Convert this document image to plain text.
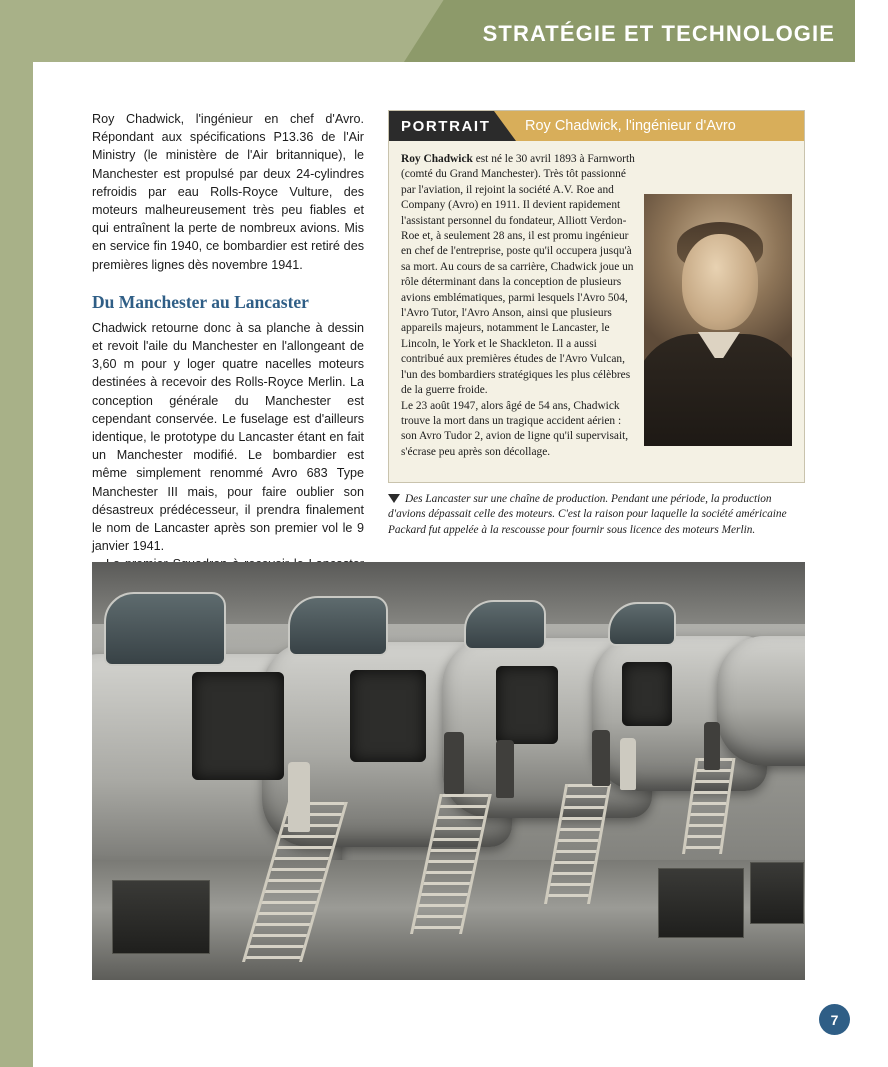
STRATÉGIE ET TECHNOLOGIE

Roy Chadwick, l'ingénieur en chef d'Avro. Répondant aux spécifications P13.36 de l'Air Ministry (le ministère de l'Air britannique), le Manchester est propulsé par deux 24-cylindres refroidis par eau Rolls-Royce Vulture, des moteurs malheureusement très peu fiables et qui entraînent la perte de nombreux avions. Mis en service fin 1940, ce bombardier est retiré des premières lignes dès novembre 1941.

Du Manchester au Lancaster

Chadwick retourne donc à sa planche à dessin et revoit l'aile du Manchester en l'allongeant de 3,60 m pour y loger quatre nacelles moteurs destinées à recevoir des Rolls-Royce Merlin. La conception générale du Manchester est cependant conservée. Le fuselage est d'ailleurs identique, le prototype du Lancaster étant en fait un Manchester modifié. Le bombardier est même simplement renommé Avro 683 Type Manchester III mais, pour faire oublier son désastreux prédécesseur, il prendra finalement le nom de Lancaster après son premier vol le 9 janvier 1941.

PORTRAIT Roy Chadwick, l'ingénieur d'Avro

Roy Chadwick est né le 30 avril 1893 à Farnworth (comté du Grand Manchester). Très tôt passionné par l'aviation, il rejoint la société A.V. Roe and Company (Avro) en 1911. Il devient rapidement l'assistant personnel du fondateur, Alliott Verdon-Roe et, à seulement 28 ans, il est promu ingénieur en chef de l'entreprise, poste qu'il occupera jusqu'à sa mort. Au cours de sa carrière, Chadwick joue un rôle déterminant dans la conception de plusieurs avions emblématiques, parmi lesquels l'Avro 504, l'Avro Tutor, l'Avro Anson, ainsi que plusieurs appareils majeurs, notamment le Lancaster, le Lincoln, le York et le Shackleton. Il a aussi contribué aux premières études de l'Avro Vulcan, l'un des bombardiers stratégiques les plus célèbres de la guerre froide.

Le 23 août 1947, alors âgé de 54 ans, Chadwick trouve la mort dans un tragique accident aérien : son Avro Tudor 2, avion de ligne qu'il supervisait, s'écrase peu après son décollage.

Des Lancaster sur une chaîne de production. Pendant une période, la production d'avions dépassait celle des moteurs. C'est la raison pour laquelle la société américaine Packard fut appelée à la rescousse pour fournir sous licence des moteurs Merlin.
7
